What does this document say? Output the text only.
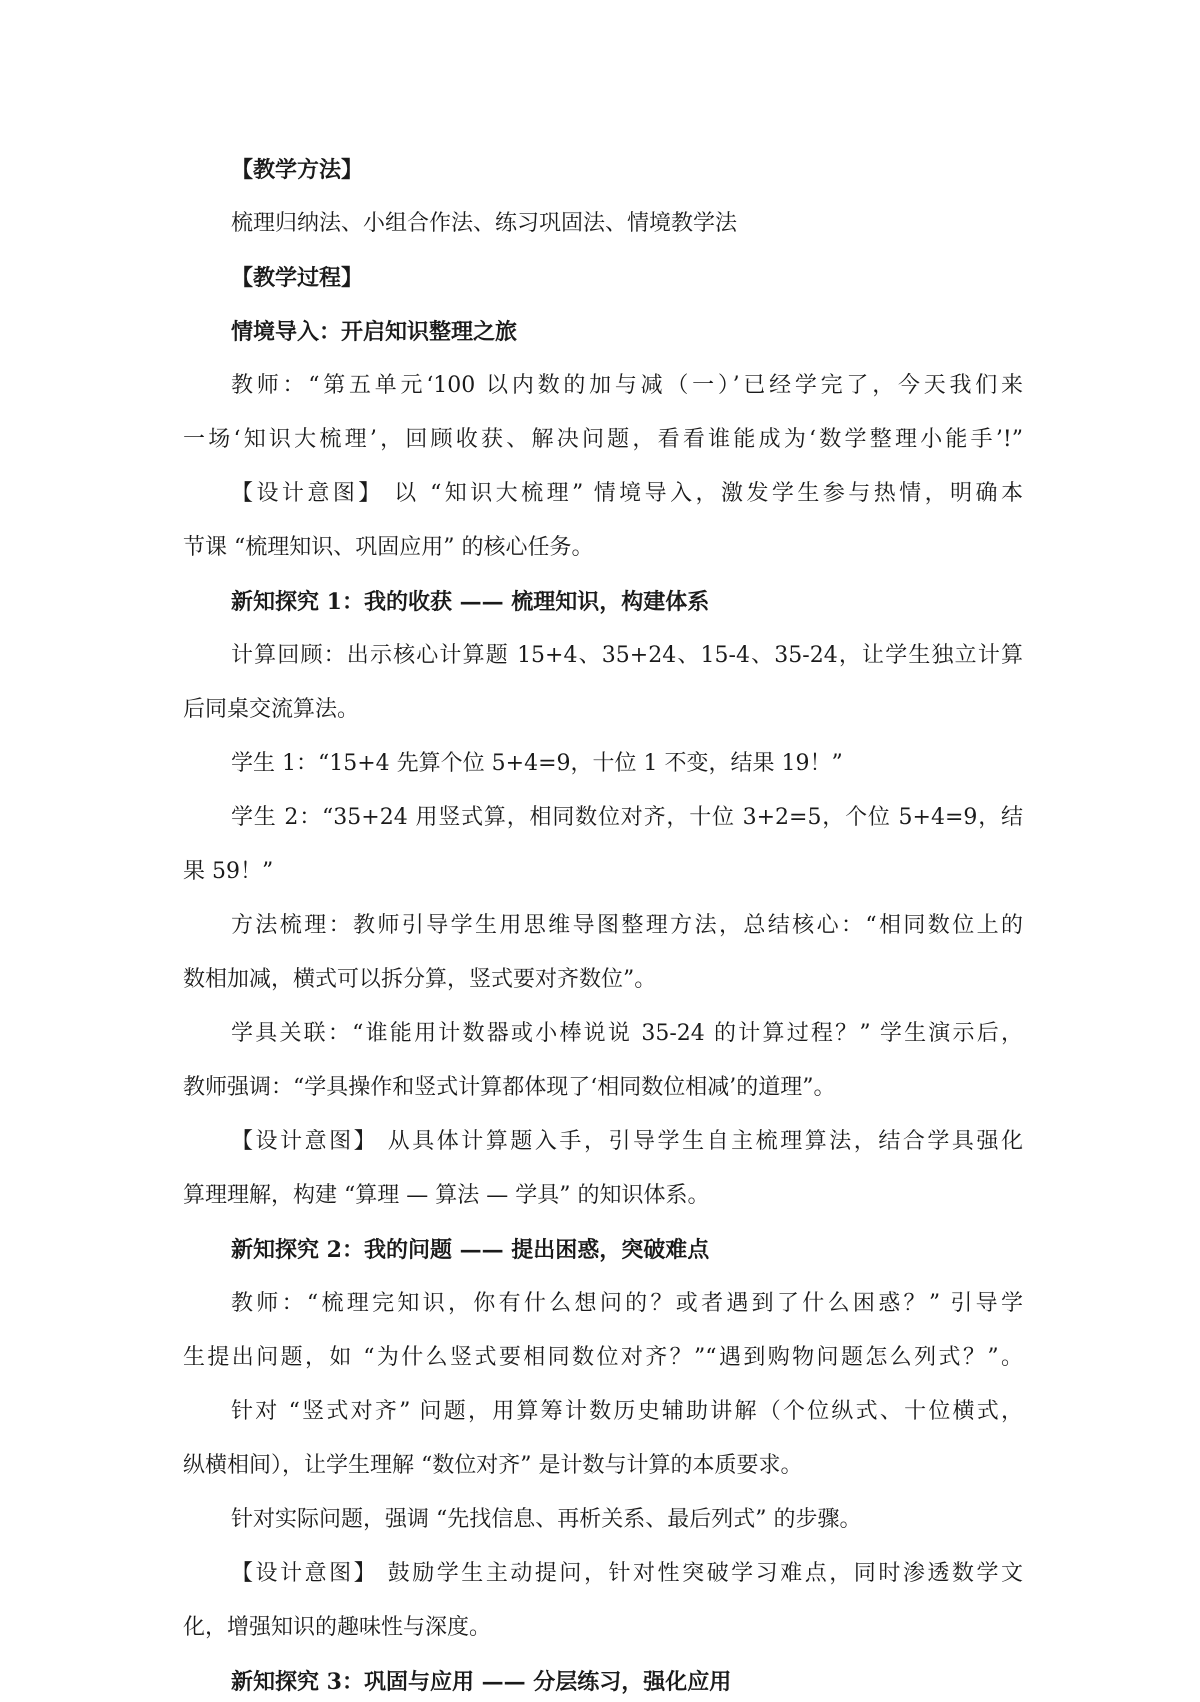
【教学方法】

梳理归纳法、小组合作法、练习巩固法、情境教学法

【教学过程】

情境导入：开启知识整理之旅

教师：“第五单元‘100 以内数的加与减（一）’已经学完了，今天我们来

一场‘知识大梳理’，回顾收获、解决问题，看看谁能成为‘数学整理小能手’!”

【设计意图】 以 “知识大梳理” 情境导入，激发学生参与热情，明确本

节课 “梳理知识、巩固应用” 的核心任务。

新知探究 1：我的收获 —— 梳理知识，构建体系

计算回顾：出示核心计算题 15+4、35+24、15-4、35-24，让学生独立计算

后同桌交流算法。

学生 1：“15+4 先算个位 5+4=9，十位 1 不变，结果 19！”

学生 2：“35+24 用竖式算，相同数位对齐，十位 3+2=5，个位 5+4=9，结

果 59！”

方法梳理：教师引导学生用思维导图整理方法，总结核心：“相同数位上的

数相加减，横式可以拆分算，竖式要对齐数位”。

学具关联：“谁能用计数器或小棒说说 35-24 的计算过程？” 学生演示后，

教师强调：“学具操作和竖式计算都体现了‘相同数位相减’的道理”。

【设计意图】 从具体计算题入手，引导学生自主梳理算法，结合学具强化

算理理解，构建 “算理 — 算法 — 学具” 的知识体系。

新知探究 2：我的问题 —— 提出困惑，突破难点

教师：“梳理完知识，你有什么想问的？或者遇到了什么困惑？” 引导学

生提出问题，如 “为什么竖式要相同数位对齐？”“遇到购物问题怎么列式？”。

针对 “竖式对齐” 问题，用算筹计数历史辅助讲解（个位纵式、十位横式，

纵横相间），让学生理解 “数位对齐” 是计数与计算的本质要求。

针对实际问题，强调 “先找信息、再析关系、最后列式” 的步骤。

【设计意图】 鼓励学生主动提问，针对性突破学习难点，同时渗透数学文

化，增强知识的趣味性与深度。

新知探究 3：巩固与应用 —— 分层练习，强化应用
